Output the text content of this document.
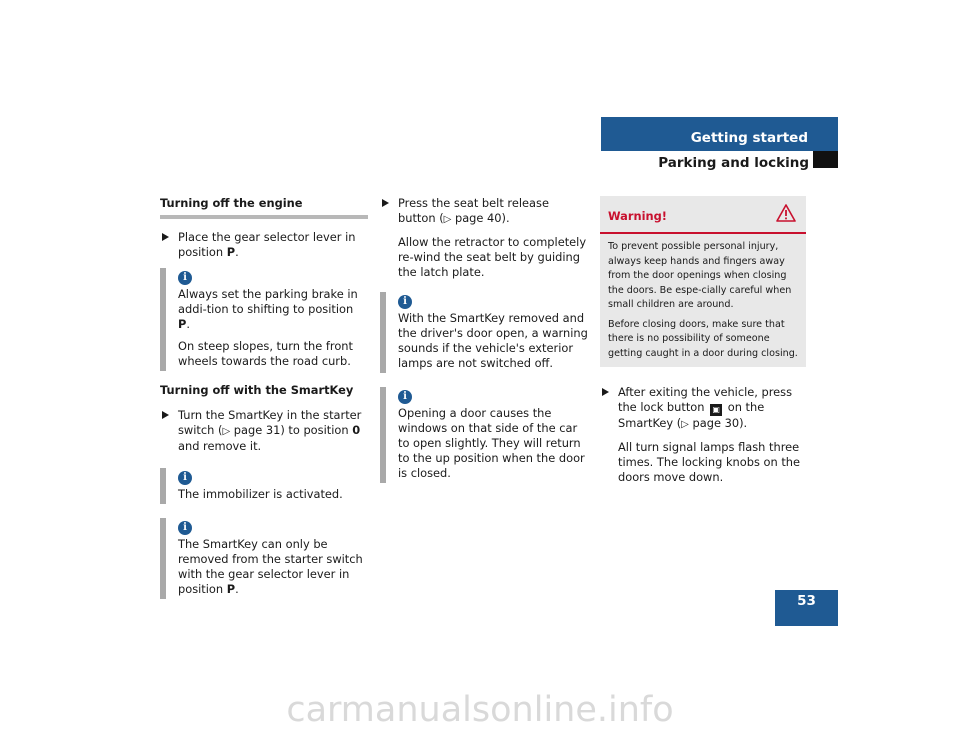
Getting started
Parking and locking
53
Turning off the engine
Place the gear selector lever in position P.
i

Always set the parking brake in addi-tion to shifting to position P.

On steep slopes, turn the front wheels towards the road curb.

Turning off with the SmartKey
Turn the SmartKey in the starter switch (▷ page 31) to position 0 and remove it.
i

The immobilizer is activated.

i

The SmartKey can only be removed from the starter switch with the gear selector lever in position P.

Press the seat belt release button (▷ page 40).
Allow the retractor to completely re-wind the seat belt by guiding the latch plate.
i

With the SmartKey removed and the driver's door open, a warning sounds if the vehicle's exterior lamps are not switched off.

i

Opening a door causes the windows on that side of the car to open slightly. They will return to the up position when the door is closed.

Warning!

To prevent possible personal injury, always keep hands and fingers away from the door openings when closing the doors. Be espe-cially careful when small children are around.

Before closing doors, make sure that there is no possibility of someone getting caught in a door during closing.

After exiting the vehicle, press the lock button ▣ on the SmartKey (▷ page 30).
All turn signal lamps flash three times. The locking knobs on the doors move down.
carmanualsonline.info
